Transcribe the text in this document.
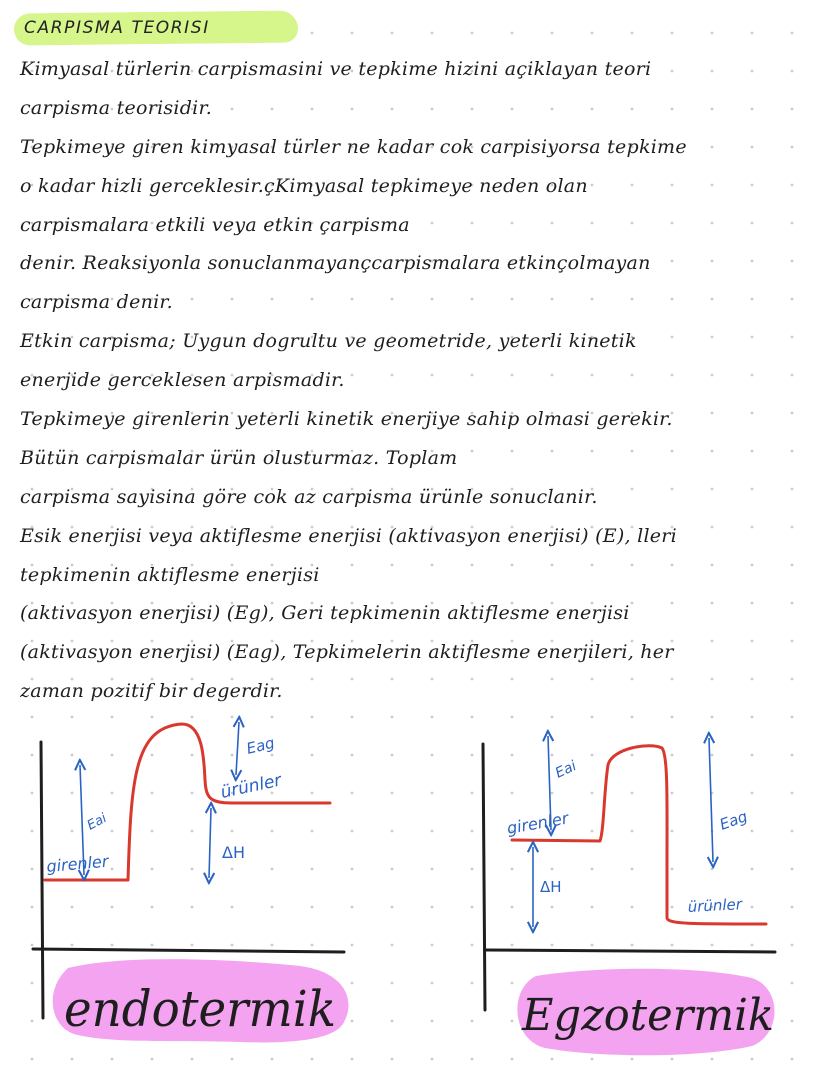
CARPISMA TEORISI
Kimyasal türlerin carpismasini ve tepkime hizini açiklayan teori
carpisma teorisidir.
Tepkimeye giren kimyasal türler ne kadar cok carpisiyorsa tepkime
o kadar hizli gerceklesir.çKimyasal tepkimeye neden olan
carpismalara etkili veya etkin çarpisma
denir. Reaksiyonla sonuclanmayançcarpismalara etkinçolmayan
carpisma denir.
Etkin carpisma; Uygun dogrultu ve geometride, yeterli kinetik
enerjide gerceklesen arpismadir.
Tepkimeye girenlerin yeterli kinetik enerjiye sahip olmasi gerekir.
Bütün carpismalar ürün olusturmaz. Toplam
carpisma sayisina göre cok az carpisma ürünle sonuclanir.
Esik enerjisi veya aktiflesme enerjisi (aktivasyon enerjisi) (E), lleri
tepkimenin aktiflesme enerjisi
(aktivasyon enerjisi) (Eg), Geri tepkimenin aktiflesme enerjisi
(aktivasyon enerjisi) (Eag), Tepkimelerin aktiflesme enerjileri, her
zaman pozitif bir degerdir.
Eai
Eag
ürünler
girenler	ΔH
endotermik
Eai
Eag
girenler
ürünler
ΔH
Egzotermik
